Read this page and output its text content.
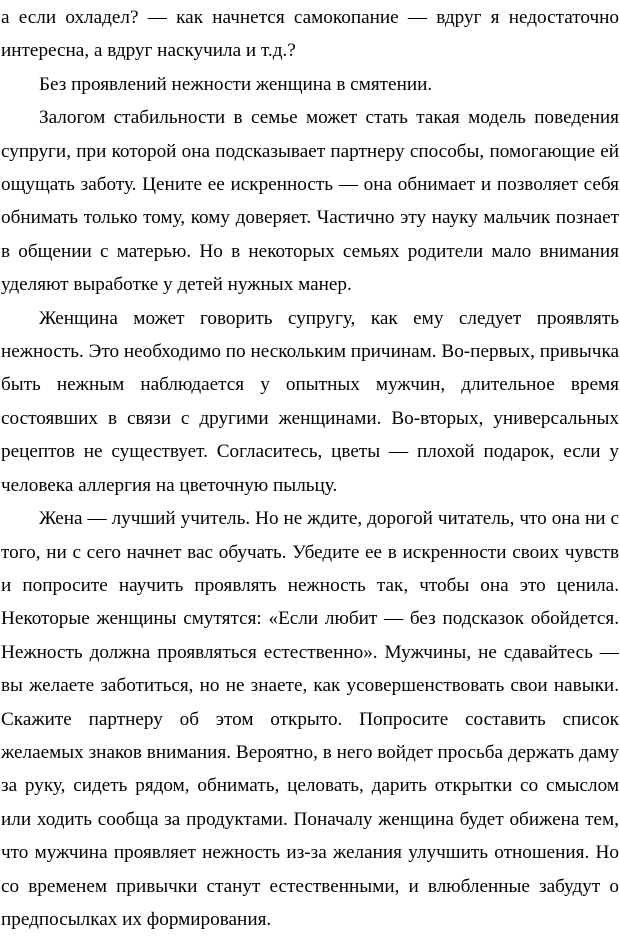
а если охладел? — как начнется самокопание — вдруг я недостаточно интересна, а вдруг наскучила и т.д.?

Без проявлений нежности женщина в смятении.

Залогом стабильности в семье может стать такая модель поведения супруги, при которой она подсказывает партнеру способы, помогающие ей ощущать заботу. Цените ее искренность — она обнимает и позволяет себя обнимать только тому, кому доверяет. Частично эту науку мальчик познает в общении с матерью. Но в некоторых семьях родители мало внимания уделяют выработке у детей нужных манер.

Женщина может говорить супругу, как ему следует проявлять нежность. Это необходимо по нескольким причинам. Во-первых, привычка быть нежным наблюдается у опытных мужчин, длительное время состоявших в связи с другими женщинами. Во-вторых, универсальных рецептов не существует. Согласитесь, цветы — плохой подарок, если у человека аллергия на цветочную пыльцу.

Жена — лучший учитель. Но не ждите, дорогой читатель, что она ни с того, ни с сего начнет вас обучать. Убедите ее в искренности своих чувств и попросите научить проявлять нежность так, чтобы она это ценила. Некоторые женщины смутятся: «Если любит — без подсказок обойдется. Нежность должна проявляться естественно». Мужчины, не сдавайтесь — вы желаете заботиться, но не знаете, как усовершенствовать свои навыки. Скажите партнеру об этом открыто. Попросите составить список желаемых знаков внимания. Вероятно, в него войдет просьба держать даму за руку, сидеть рядом, обнимать, целовать, дарить открытки со смыслом или ходить сообща за продуктами. Поначалу женщина будет обижена тем, что мужчина проявляет нежность из-за желания улучшить отношения. Но со временем привычки станут естественными, и влюбленные забудут о предпосылках их формирования.
